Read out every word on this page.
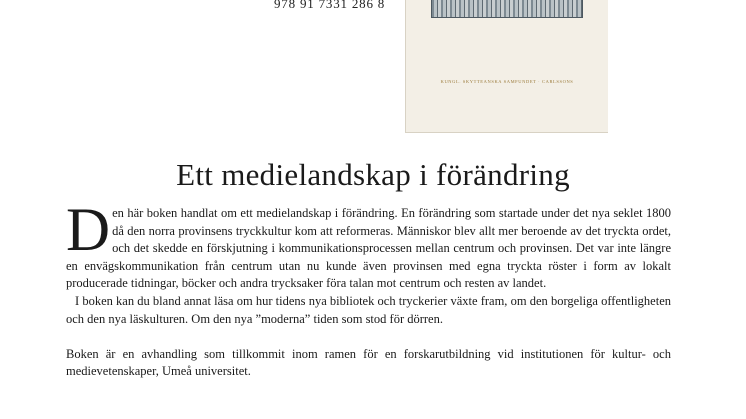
978 91 7331 286 8
KUNGL. SKYTTEANSKA SAMFUNDET · CARLSSONS
Ett medielandskap i förändring

Den här boken handlat om ett medielandskap i förändring. En förändring som startade under det nya seklet 1800 då den norra provinsens tryckkultur kom att reformeras. Människor blev allt mer beroende av det tryckta ordet, och det skedde en förskjutning i kommunikationsprocessen mellan centrum och provinsen. Det var inte längre en envägskommunikation från centrum utan nu kunde även provinsen med egna tryckta röster i form av lokalt producerade tidningar, böcker och andra trycksaker föra talan mot centrum och resten av landet.

I boken kan du bland annat läsa om hur tidens nya bibliotek och tryckerier växte fram, om den borgeliga offentligheten och den nya läskulturen. Om den nya ”moderna” tiden som stod för dörren.

Boken är en avhandling som tillkommit inom ramen för en forskarutbildning vid institutionen för kultur- och medievetenskaper, Umeå universitet.
